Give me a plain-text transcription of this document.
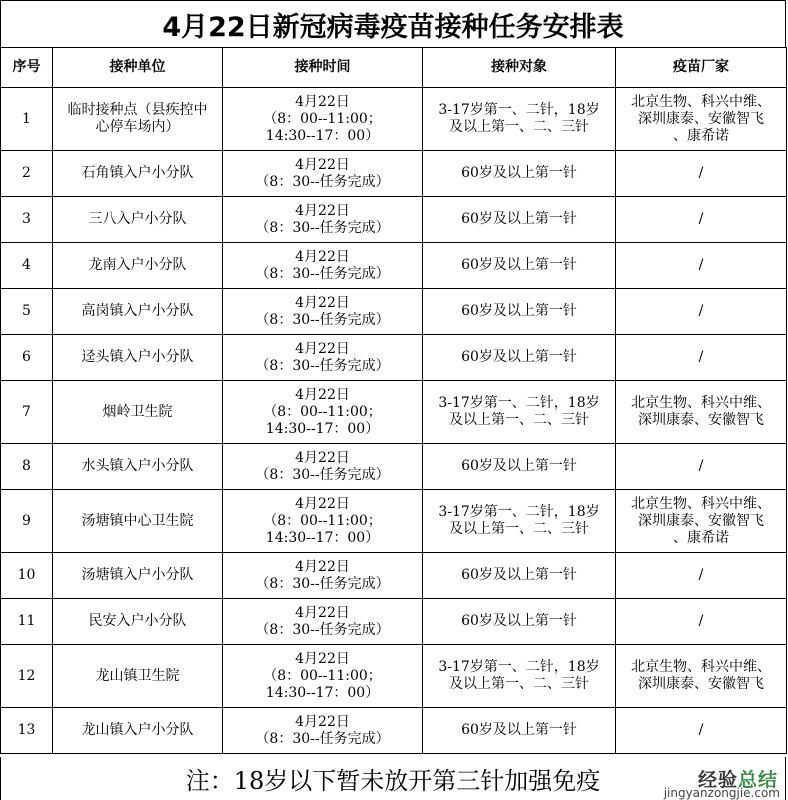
4月22日新冠病毒疫苗接种任务安排表
序号	接种单位	接种时间	接种对象	疫苗厂家

1	临时接种点（县疾控中
心停车场内）	4月22日
（8：00--11:00；
14:30--17：00）	3-17岁第一、二针，18岁
及以上第一、二、三针	北京生物、科兴中维、
深圳康泰、安徽智飞
、康希诺

2	石角镇入户小分队	4月22日
（8：30--任务完成）	60岁及以上第一针	/

3	三八入户小分队	4月22日
（8：30--任务完成）	60岁及以上第一针	/

4	龙南入户小分队	4月22日
（8：30--任务完成）	60岁及以上第一针	/

5	高岗镇入户小分队	4月22日
（8：30--任务完成）	60岁及以上第一针	/

6	迳头镇入户小分队	4月22日
（8：30--任务完成）	60岁及以上第一针	/

7	烟岭卫生院	4月22日
（8：00--11:00；
14:30--17：00）	3-17岁第一、二针，18岁
及以上第一、二、三针	北京生物、科兴中维、
深圳康泰、安徽智飞

8	水头镇入户小分队	4月22日
（8：30--任务完成）	60岁及以上第一针	/

9	汤塘镇中心卫生院	4月22日
（8：00--11:00；
14:30--17：00）	3-17岁第一、二针，18岁
及以上第一、二、三针	北京生物、科兴中维、
深圳康泰、安徽智飞
、康希诺

10	汤塘镇入户小分队	4月22日
（8：30--任务完成）	60岁及以上第一针	/

11	民安入户小分队	4月22日
（8：30--任务完成）	60岁及以上第一针	/

12	龙山镇卫生院	4月22日
（8：00--11:00；
14:30--17：00）	3-17岁第一、二针，18岁
及以上第一、二、三针	北京生物、科兴中维、
深圳康泰、安徽智飞

13	龙山镇入户小分队	4月22日
（8：30--任务完成）	60岁及以上第一针	/
注：18岁以下暂未放开第三针加强免疫	经验总结
jingyanzongjie.com
